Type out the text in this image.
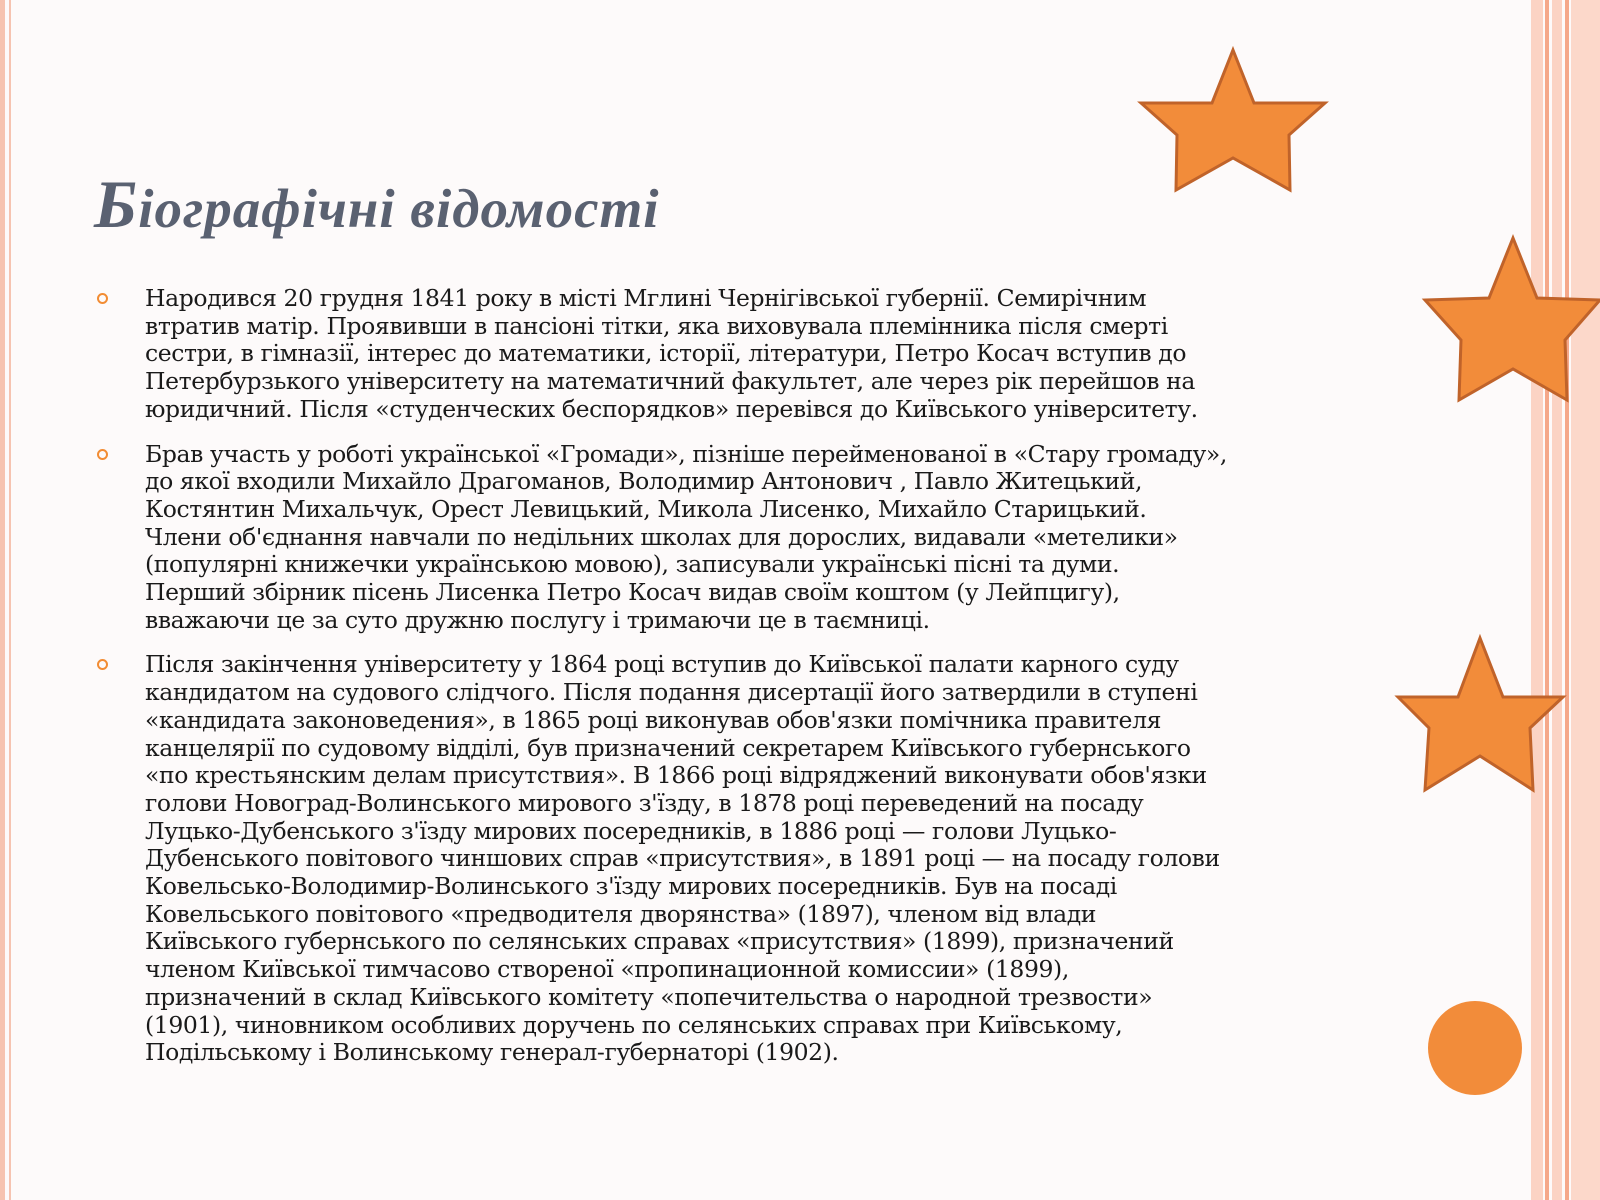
Біографічні відомості

Народився 20 грудня 1841 року в місті Мглині Чернігівської губернії. Семирічним
втратив матір. Проявивши в пансіоні тітки, яка виховувала племінника після смерті
сестри, в гімназії, інтерес до математики, історії, літератури, Петро Косач вступив до
Петербурзького університету на математичний факультет, але через рік перейшов на
юридичний. Після «студенческих беспорядков» перевівся до Київського університету.

Брав участь у роботі української «Громади», пізніше перейменованої в «Стару громаду»,
до якої входили Михайло Драгоманов, Володимир Антонович , Павло Житецький,
Костянтин Михальчук, Орест Левицький, Микола Лисенко, Михайло Старицький.
Члени об'єднання навчали по недільних школах для дорослих, видавали «метелики»
(популярні книжечки українською мовою), записували українські пісні та думи.
Перший збірник пісень Лисенка Петро Косач видав своїм коштом (у Лейпцигу),
вважаючи це за суто дружню послугу і тримаючи це в таємниці.

Після закінчення університету у 1864 році вступив до Київської палати карного суду
кандидатом на судового слідчого. Після подання дисертації його затвердили в ступені
«кандидата законоведения», в 1865 році виконував обов'язки помічника правителя
канцелярії по судовому відділі, був призначений секретарем Київського губернського
«по крестьянским делам присутствия». В 1866 році відряджений виконувати обов'язки
голови Новоград-Волинського мирового з'їзду, в 1878 році переведений на посаду
Луцько-Дубенського з'їзду мирових посередників, в 1886 році — голови Луцько-
Дубенського повітового чиншових справ «присутствия», в 1891 році — на посаду голови
Ковельсько-Володимир-Волинського з'їзду мирових посередників. Був на посаді
Ковельського повітового «предводителя дворянства» (1897), членом від влади
Київського губернського по селянських справах «присутствия» (1899), призначений
членом Київської тимчасово створеної «пропинационной комиссии» (1899),
призначений в склад Київського комітету «попечительства о народной трезвости»
(1901), чиновником особливих доручень по селянських справах при Київському,
Подільському і Волинському генерал-губернаторі (1902).
